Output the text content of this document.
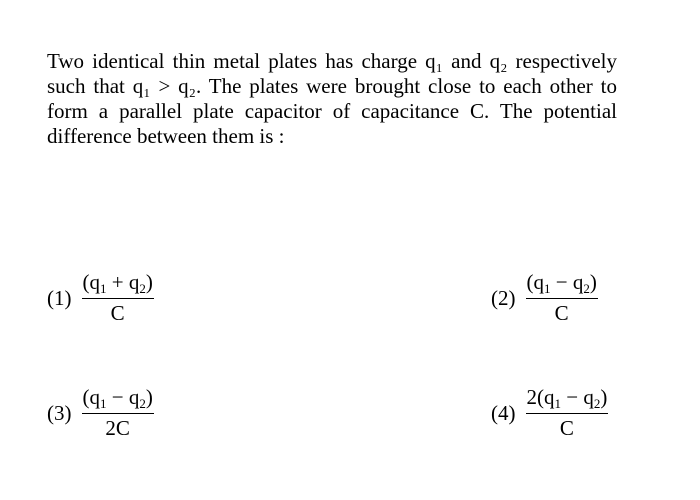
Two identical thin metal plates has charge q₁ and q₂ respectively such that q₁ > q₂. The plates were brought close to each other to form a parallel plate capacitor of capacitance C. The potential difference between them is :

$(1) \frac{(q_1 + q_2)}{C}$	$(2) \frac{(q_1 - q_2)}{C}$
$(3) \frac{(q_1 - q_2)}{2C}$	$(4) \frac{2(q_1 - q_2)}{C}$
